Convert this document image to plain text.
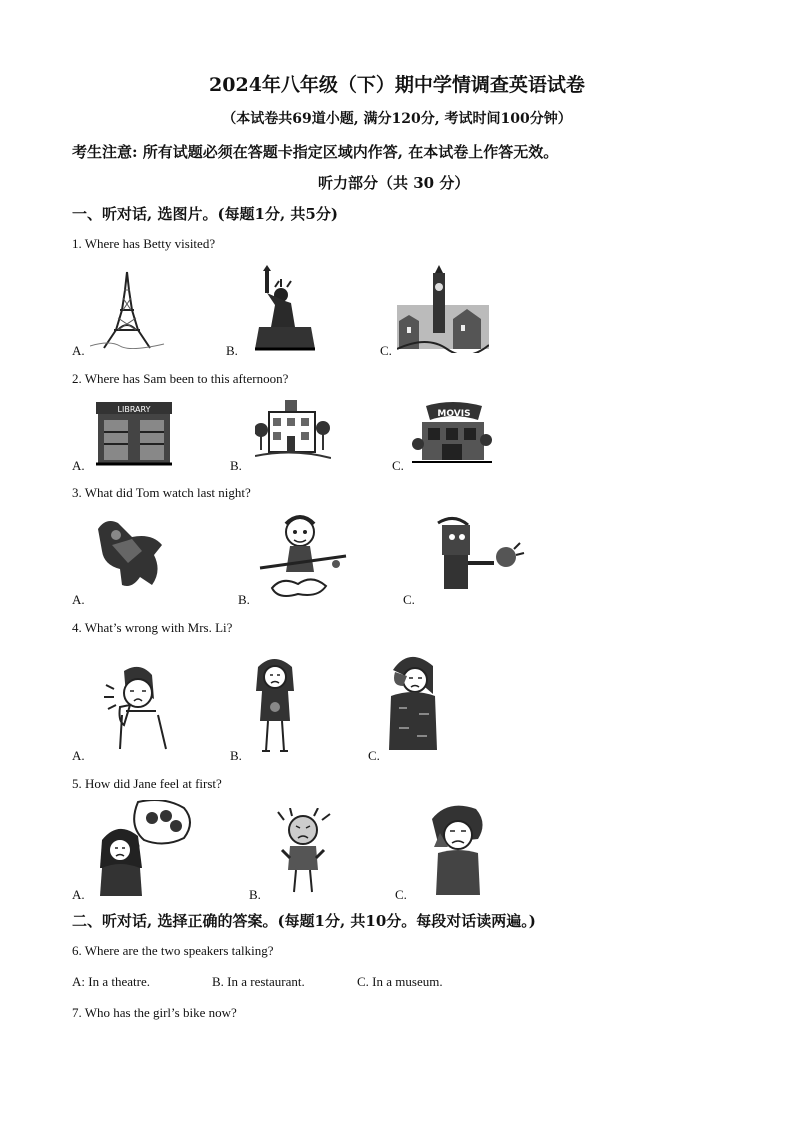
2024年八年级（下）期中学情调查英语试卷
（本试卷共69道小题, 满分120分, 考试时间100分钟）
考生注意: 所有试题必须在答题卡指定区域内作答, 在本试卷上作答无效。
听力部分（共 30 分）
一、听对话, 选图片。(每题1分, 共5分)
1. Where has Betty visited?
A.	B.	C.
2. Where has Sam been to this afternoon?
A.	B.	C.
LIBRARY	MOVIS
3. What did Tom watch last night?
A.	B.	C.
4. What’s wrong with Mrs. Li?
A.	B.	C.
5. How did Jane feel at first?
A.	B.	C.
二、听对话, 选择正确的答案。(每题1分, 共10分。每段对话读两遍。)
6. Where are the two speakers talking?
A: In a theatre.	B. In a restaurant.	C. In a museum.
7. Who has the girl’s bike now?
